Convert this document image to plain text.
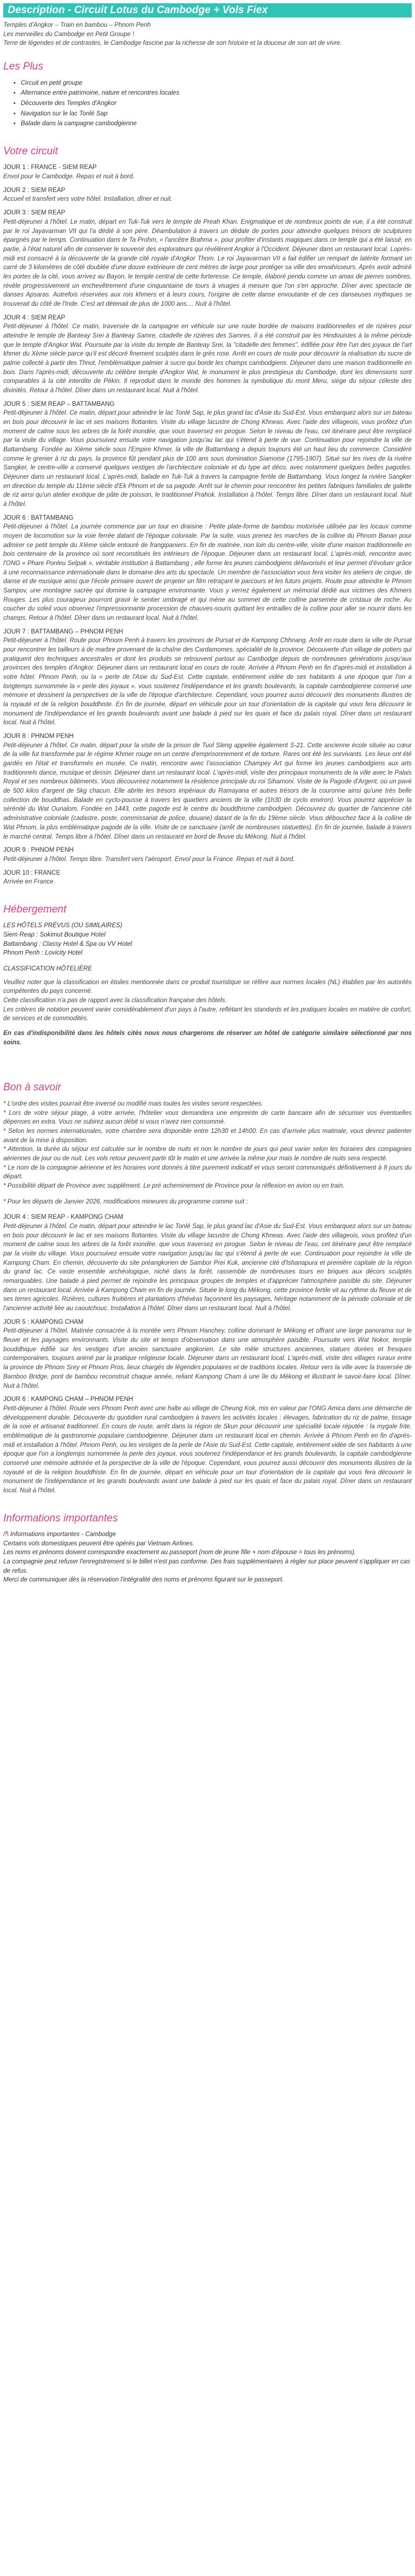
Description - Circuit Lotus du Cambodge + Vols Fiex
Temples d'Angkor – Train en bambou – Phnom Penh
Les merveilles du Cambodge en Petit Groupe !
Terre de légendes et de contrastes, le Cambodge fascine par la richesse de son histoire et la douceur de son art de vivre.
Les Plus
• Circuit en petit groupe
• Alternance entre patrimoine, nature et rencontres locales
• Découverte des Temples d'Angkor
• Navigation sur le lac Tonlé Sap
• Balade dans la campagne cambodgienne
Votre circuit
JOUR 1 : FRANCE - SIEM REAP
Envol pour le Cambodge. Repas et nuit à bord.
JOUR 2 : SIEM REAP
Accueil et transfert vers votre hôtel. Installation, dîner et nuit.
JOUR 3 : SIEM REAP
Petit-déjeuner à l'hôtel. Le matin, départ en Tuk-Tuk vers le temple de Preah Khan. Enigmatique et de nombreux points de vue, il a été construit par le roi Jayavarman VII qui l'a dédié à son père. Déambulation à travers un dédale de portes pour atteindre quelques trésors de sculptures épargnés par le temps. Continuation dans le Ta Prohm, « l'ancêtre Brahma », pour profiter d'instants magiques dans ce temple qui a été laissé, en partie, à l'état naturel afin de conserver le souvenir des explorateurs qui révélèrent Angkor à l'Occident. Déjeuner dans un restaurant local. Loprès-midi est consacré à la découverte de la grande cité royale d'Angkor Thom. Le roi Jayavarman VII a fait édifier un rempart de latérite formant un carré de 3 kilomètres de côté doublée d'une douve extérieure de cent mètres de large pour protéger sa ville des envahisseurs. Après avoir admiré les portes de la cité, vous arrivez au Bayon, le temple central de cette forteresse. Ce temple, élaboré pendu comme un amas de pierres sombres, révèle progressivement un enchevêtrement d'une cinquantaine de tours à visages à mesure que l'on s'en approche. Dîner avec spectacle de danses Apsaras. Autrefois réservées aux rois khmers et à leurs cours, l'origine de cette danse envoutante et de ces danseuses mythiques se trouverait du côté de l'Inde. C'est art détenait de plus de 1000 ans.... Nuit à l'hôtel.
JOUR 4 : SIEM REAP
Petit-déjeuner à l'hôtel. Ce matin, traversée de la campagne en véhicule sur une route bordée de maisons traditionnelles et de rizières pour atteindre le temple de Banteay Srei à Banteay Samre, citadelle de rizières des Samres. Il a été construit par les Hindouistes à la même période que le temple d'Angkor Wat. Poursuite par la visite du temple de Banteay Srei, la "citadelle des femmes", édifiée pour être l'un des joyaux de l'art khmer du Xème siècle parce qu'il est décoré finement sculptés dans le grès rose. Arrêt en cours de route pour découvrir la réalisation du sucre de palme collecté à partir des Thnot, l'emblématique palmier à sucre qui borde les champs cambodgiens. Déjeuner dans une maison traditionnelle en bois. Dans l'après-midi, découverte du célèbre temple d'Angkor Wat, le monument le plus prestigieux du Cambodge, dont les dimensions sont comparables à la cité interdite de Pékin. Il reproduit dans le monde des hommes la symbolique du mont Meru, siège du séjour céleste des divinités. Retour à l'hôtel. Dîner dans un restaurant local. Nuit à l'hôtel.
JOUR 5 : SIEM REAP – BATTAMBANG
Petit-déjeuner à l'hôtel. Ce matin, départ pour atteindre le lac Tonlé Sap, le plus grand lac d'Asie du Sud-Est. Vous embarquez alors sur un bateau en bois pour découvrir le lac et ses maisons flottantes. Visite du village lacustre de Chong Khneas. Avec l'aide des villageois, vous profitez d'un moment de calme sous les arbres de la forêt inondée, que vous traversez en pirogue. Selon le niveau de l'eau, cet itinéraire peut être remplacé par la visite du village. Vous poursuivez ensuite votre navigation jusqu'au lac qui s'étend à perte de vue. Continuation pour rejoindre la ville de Battambang. Fondée au Xième siècle sous l'Empire Khmer, la ville de Battambang a depuis toujours été un haut lieu du commerce. Considéré comme le grenier à riz du pays, la province fût pendant plus de 100 ans sous domination Siamoise (1795-1907). Situé sur les rives de la rivière Sangker, le centre-ville a conservé quelques vestiges de l'architecture coloniale et du type art déco, avec notamment quelques belles pagodes. Déjeuner dans un restaurant local. L'après-midi, balade en Tuk-Tuk à travers la campagne fertile de Battambang. Vous longez la rivière Sangker en direction du temple du 11ème siècle d'Ek Phnom et de sa pagode. Arrêt sur le chemin pour rencontrer les petites fabriques familiales de galette de riz ainsi qu'un atelier exotique de pâte de poisson, le traditionnel Prahok. Installation à l'hôtel. Temps libre. Dîner dans un restaurant local. Nuit à l'hôtel.
JOUR 6 : BATTAMBANG
Petit-déjeuner à l'hôtel. La journée commence par un tour en draisine : Petite plate-forme de bambou motorisée utilisée par les locaux comme moyen de locomotion sur la voie ferrée datant de l'époque coloniale. Par la suite, vous prenez les marches de la colline du Phnom Banan pour admirer ce petit temple du XIème siècle entouré de frangipaniers. En fin de matinée, non loin du centre-ville, visite d'une maison traditionnelle en bois centenaire de la province où sont reconstitués les intérieurs de l'époque. Déjeuner dans un restaurant local. L'après-midi, rencontre avec l'ONG « Phare Ponleu Selpak », véritable institution à Battambang ; elle forme les jeunes cambodgiens défavorisés et leur permet d'évoluer grâce à une reconnaissance internationale dans le domaine des arts du spectacle. Un membre de l'association vous fera visiter les ateliers de cirque, de danse et de musique ainsi que l'école primaire ouvert de projeter un film retraçant le parcours et les futurs projets. Route pour atteindre le Phnom Sampov, une montagne sacrée qui domine la campagne environnante. Vous y verrez également un mémorial dédié aux victimes des Khmers Rouges. Les plus courageux pourront gravir le sentier ombragé et qui mène au sommet de cette colline parsemée de cristaux de roche. Au coucher du soleil vous observez l'impressionnante procession de chauves-souris quittant les entrailles de la colline pour aller se nourrir dans les champs. Retour à l'hôtel. Dîner dans un restaurant local. Nuit à l'hôtel.
JOUR 7 : BATTAMBANG – PHNOM PENH
Petit-déjeuner à l'hôtel. Route pour Phnom Penh à travers les provinces de Pursat et de Kampong Chhnang. Arrêt en route dans la ville de Pursat pour rencontrer les tailleurs à de marbre provenant de la chaîne des Cardamomes, spécialité de la province. Découverte d'un village de potiers qui pratiquent des techniques ancestrales et dont les produits se retrouvent partout au Cambodge depuis de nombreuses générations jusqu'aux provinces des temples d'Angkor. Déjeuner dans un restaurant local en cours de route. Arrivée à Phnom Penh en fin d'après-midi et installation à votre hôtel. Phnom Penh, ou la « perle de l'Asie du Sud-Est. Cette capitale, entièrement vidée de ses habitants à une époque que l'on a longtemps surnommée la « perle des joyaux ». vous soutenez l'indépendance et les grands boulevards, la capitale cambodgienne conservé une mémoire et dessinent la perspectives de la ville de l'époque d'architecture. Cependant, vous pourrez aussi découvrir des monuments illustres de la royauté et de la religion bouddhiste. En fin de journée, départ en véhicule pour un tour d'orientation de la capitale qui vous fera découvrir le monument de l'indépendance et les grands boulevards avant une balade à pied sur les quais et face du palais royal. Dîner dans un restaurant local. Nuit à l'hôtel.
JOUR 8 : PHNOM PENH
Petit-déjeuner à l'hôtel. Ce matin, départ pour la visite de la prison de Tuol Sleng appelée également S-21. Cette ancienne école située au cœur de la ville fut transformée par le régime Khmer rouge en un centre d'emprisonnement et de torture. Rares ont été les survivants. Les lieux ont été gardés en l'état et transformés en musée. Ce matin, rencontre avec l'association Champey Art qui forme les jeunes cambodgiens aux arts traditionnels dance, musique et dessin. Déjeuner dans un restaurant local. L'après-midi, visite des principaux monuments de la ville avec le Palais Royal et ses nombreux bâtiments. Vous découvrirez notamment la résidence principale du roi Sihamoni. Visite de la Pagode d'Argent, où un pavé de 500 kilos d'argent de 5kg chacun. Elle abrite les trésors impériaux du Ramayana et autres trésors de la couronne ainsi qu'une très belle collection de bouddhas. Balade en cyclo-pousse à travers les quartiers anciens de la ville (1h30 de cyclo environ). Vous pourrez apprécier la sérénité du Wat Ounalom. Fondée en 1443, cette pagode est le centre du bouddhisme cambodgien. Découvrez du quartier de l'ancienne cité administrative coloniale (cadastre, poste, commissariat de police, douane) datant de la fin du 19ème siècle. Vous débouchez face à la colline de Wat Phnom, la plus emblématique pagode de la ville. Visite de ce sanctuaire (arrêt de nombreuses statuettes). En fin de journée, balade à travers le marché central. Temps libre à l'hôtel. Dîner dans un restaurant en bord de fleuve du Mékong. Nuit à l'hôtel.
JOUR 9 : PHNOM PENH
Petit-déjeuner à l'hôtel. Temps libre. Transfert vers l'aéroport. Envol pour la France. Repas et nuit à bord.
JOUR 10 : FRANCE
Arrivée en France.
Hébergement
LES HÔTELS PRÉVUS (OU SIMILAIRES)
Siem Reap : Sokimut Boutique Hotel
Battambang : Classy Hotel & Spa ou VV Hotel
Phnom Penh : Lovicity Hotel
CLASSIFICATION HÔTELIÈRE
Veuillez noter que la classification en étoiles mentionnée dans ce produit touristique se réfère aux normes locales (NL) établies par les autorités compétentes du pays concerné.
Cette classification n'a pas de rapport avec la classification française des hôtels.
Les critères de notation peuvent varier considérablement d'un pays à l'autre, reflétant les standards et les pratiques locales en matière de confort, de services et de commodités.
En cas d'indisponibilité dans les hôtels cités nous nous chargerons de réserver un hôtel de catégorie similaire sélectionné par nos soins.
Bon à savoir
* L'ordre des visites pourrait être inversé ou modifié mais toutes les visites seront respectées.
* Lors de votre séjour plage, à votre arrivée, l'hôtelier vous demandera une empreinte de carte bancaire afin de sécuriser vos éventuelles dépenses en extra. Vous ne subirez aucun débit si vous n'avez rien consommé.
* Selon les normes internationales, votre chambre sera disponible entre 12h30 et 14h00. En cas d'arrivée plus matinale, vous devrez patienter avant de la mise à disposition.
* Attention, la durée du séjour est calculée sur le nombre de nuits et non le nombre de jours qui peut varier selon les horaires des compagnies aériennes de jour ou de nuit. Les vols retour peuvent partir tôt le matin et une arrivée la même jour mais le nombre de nuits sera respecté.
* Le nom de la compagnie aérienne et les horaires vont donnés à titre purement indicatif et vous seront communiqués définitivement à 8 jours du départ.
* Possibilité départ de Province avec supplément. Le pré acheminement de Province pour la réflexion en avion ou en train.
* Pour les départs de Janvier 2026, modifications mineures du programme comme suit :
JOUR 4 : SIEM REAP - KAMPONG CHAM
Petit-déjeuner à l'hôtel. Ce matin, départ pour atteindre le lac Tonlé Sap, le plus grand lac d'Asie du Sud-Est. Vous embarquez alors sur un bateau en bois pour découvrir le lac et ses maisons flottantes. Visite du village lacustre de Chong Khneas. Avec l'aide des villageois, vous profitez d'un moment de calme sous les arbres de la forêt inondée, que vous traversez en pirogue. Selon le niveau de l'eau, cet itinéraire peut être remplacé par la visite du village. Vous poursuivez ensuite votre navigation jusqu'au lac qui s'étend à perte de vue. Continuation pour rejoindre la ville de Kampong Cham. En chemin, découverte du site préangkorien de Sambor Prei Kuk, ancienne cité d'Ishanapura et première capitale de la région du grand lac. Ce vaste ensemble archéologique, niché dans la forêt, rassemble de nombreuses tours en briques aux décors sculptés remarquables. Une balade à pied permet de rejoindre les principaux groupes de temples et d'apprécier l'atmosphère paisible du site. Déjeuner dans un restaurant local. Arrivée à Kampong Cham en fin de journée. Située le long du Mékong, cette province fertile vit au rythme du fleuve et de ses terres agricoles. Rizières, cultures fruitières et plantations d'hévéas façonnent les paysages, héritage notamment de la période coloniale et de l'ancienne activité liée au caoutchouc. Installation à l'hôtel. Dîner dans un restaurant local. Nuit à l'hôtel.
JOUR 5 : KAMPONG CHAM
Petit-déjeuner à l'hôtel. Matinée consacrée à la montée vers Phnom Hanchey, colline dominant le Mékong et offrant une large panorama sur le fleuve et les paysages environnants. Visite du site et temps d'observation dans une atmosphère paisible. Poursuite vers Wat Nokor, temple bouddhique édifié sur les vestiges d'un ancien sanctuaire angkorien. Le site mêle structures anciennes, statues dorées et fresques contemporaines, toujours animé par la pratique religieuse locale. Déjeuner dans un restaurant local. L'après-midi, visite des villages ruraux entre la province de Phnom Srey et Phnom Pros, lieux chargés de légendes populaires et de traditions locales. Retour vers la ville avec la traversée de Bamboo Bridge, pont de bambou reconstruit chaque année, reliant Kampong Cham à une île du Mékong et illustrant le savoir-faire local. Dîner. Nuit à l'hôtel.
JOUR 6 : KAMPONG CHAM – PHNOM PENH
Petit-déjeuner à l'hôtel. Route vers Phnom Penh avec une halte au village de Cheung Kok, mis en valeur par l'ONG Amica dans une démarche de développement durable. Découverte du quotidien rural cambodgien à travers les activités locales : élevages, fabrication du riz de palme, tissage de la soie et artisanat traditionnel. En cours de route, arrêt dans la région de Skun pour découvrir une spécialité locale réputée : la mygale frite, emblématique de la gastronomie populaire cambodgienne. Déjeuner dans un restaurant local en chemin. Arrivée à Phnom Penh en fin d'après-midi et installation à l'hôtel. Phnom Penh, ou les vestiges de la perle de l'Asie du Sud-Est. Cette capitale, entièrement vidée de ses habitants à une époque que l'on a longtemps surnommée la perle des joyaux, vous soutenez l'indépendance et les grands boulevards, la capitale cambodgienne conservé une mémoire admirée et la perspective de la ville de l'époque. Cependant, vous pourrez aussi découvrir des monuments illustres de la royauté et de la religion bouddhiste. En fin de journée, départ en véhicule pour un tour d'orientation de la capitale qui vous fera découvrir le monument de l'indépendance et les grands boulevards avant une balade à pied sur les quais et face du palais royal. Dîner dans un restaurant local. Nuit à l'hôtel.
Informations importantes
/!\ Informations importantes - Cambodge
Certains vols domestiques peuvent être opérés par Vietnam Airlines.
Les noms et prénoms doivent correspondre exactement au passeport (nom de jeune fille + nom d'épouse = tous les prénoms).
La compagnie peut refuser l'enregistrement si le billet n'est pas conforme. Des frais supplémentaires à régler sur place peuvent s'appliquer en cas de refus.
Merci de communiquer dès la réservation l'intégralité des noms et prénoms figurant sur le passeport.
